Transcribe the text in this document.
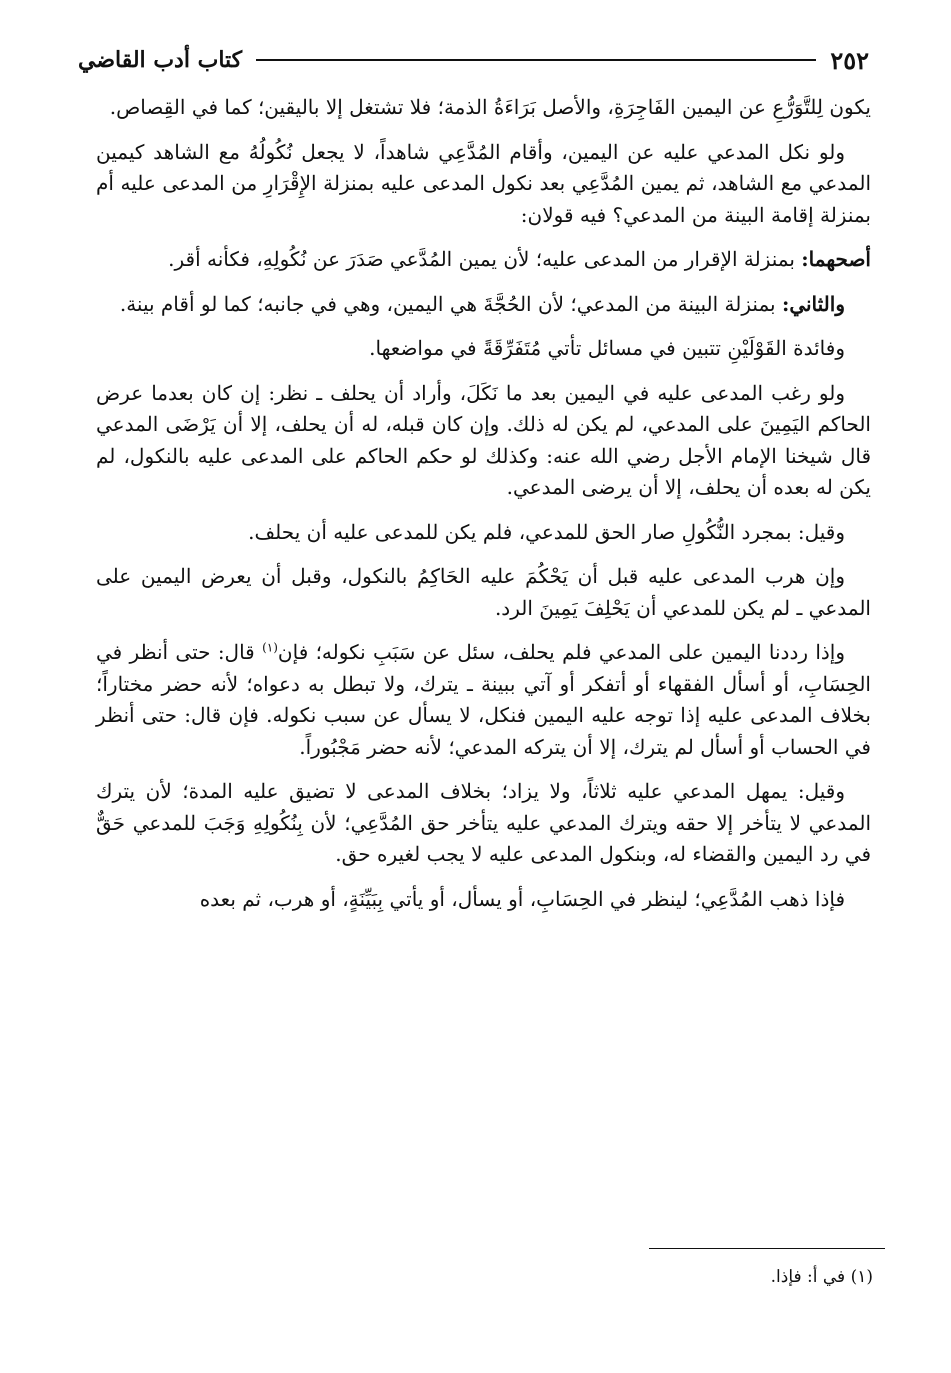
٢٥٢
كتاب أدب القاضي

يكون لِلتَّوَرُّعِ عن اليمين الفَاجِرَةِ، والأصل بَرَاءَةُ الذمة؛ فلا تشتغل إلا باليقين؛ كما في القِصاص.

ولو نكل المدعي عليه عن اليمين، وأقام المُدَّعِي شاهداً، لا يجعل نُكُولُهُ مع الشاهد كيمين المدعي مع الشاهد، ثم يمين المُدَّعِي بعد نكول المدعى عليه بمنزلة الإِقْرَارِ من المدعى عليه أم بمنزلة إقامة البينة من المدعي؟ فيه قولان:

أصحهما: بمنزلة الإقرار من المدعى عليه؛ لأن يمين المُدَّعي صَدَرَ عن نُكُولِهِ، فكأنه أقر.

والثاني: بمنزلة البينة من المدعي؛ لأن الحُجَّةَ هي اليمين، وهي في جانبه؛ كما لو أقام بينة.

وفائدة القَوْلَيْنِ تتبين في مسائل تأتي مُتَفَرِّقَةً في مواضعها.

ولو رغب المدعى عليه في اليمين بعد ما نَكَلَ، وأراد أن يحلف ـ نظر: إن كان بعدما عرض الحاكم اليَمِينَ على المدعي، لم يكن له ذلك. وإن كان قبله، له أن يحلف، إلا أن يَرْضَى المدعي قال شيخنا الإمام الأجل رضي الله عنه: وكذلك لو حكم الحاكم على المدعى عليه بالنكول، لم يكن له بعده أن يحلف، إلا أن يرضى المدعي.

وقيل: بمجرد النُّكُولِ صار الحق للمدعي، فلم يكن للمدعى عليه أن يحلف.

وإن هرب المدعى عليه قبل أن يَحْكُمَ عليه الحَاكِمُ بالنكول، وقبل أن يعرض اليمين على المدعي ـ لم يكن للمدعي أن يَحْلِفَ يَمِينَ الرد.

وإذا رددنا اليمين على المدعي فلم يحلف، سئل عن سَبَبِ نكوله؛ فإن$^{(١)}$ قال: حتى أنظر في الحِسَابِ، أو أسأل الفقهاء أو أتفكر أو آتي ببينة ـ يترك، ولا تبطل به دعواه؛ لأنه حضر مختاراً؛ بخلاف المدعى عليه إذا توجه عليه اليمين فنكل، لا يسأل عن سبب نكوله. فإن قال: حتى أنظر في الحساب أو أسأل لم يترك، إلا أن يتركه المدعي؛ لأنه حضر مَجْبُوراً.

وقيل: يمهل المدعي عليه ثلاثاً، ولا يزاد؛ بخلاف المدعى لا تضيق عليه المدة؛ لأن يترك المدعي لا يتأخر إلا حقه ويترك المدعي عليه يتأخر حق المُدَّعِي؛ لأن بِنُكُولِهِ وَجَبَ للمدعي حَقٌّ في رد اليمين والقضاء له، وبنكول المدعى عليه لا يجب لغيره حق.

فإذا ذهب المُدَّعِي؛ لينظر في الحِسَابِ، أو يسأل، أو يأتي بِبَيِّنَةٍ، أو هرب، ثم بعده

(١) في أ: فإذا.
